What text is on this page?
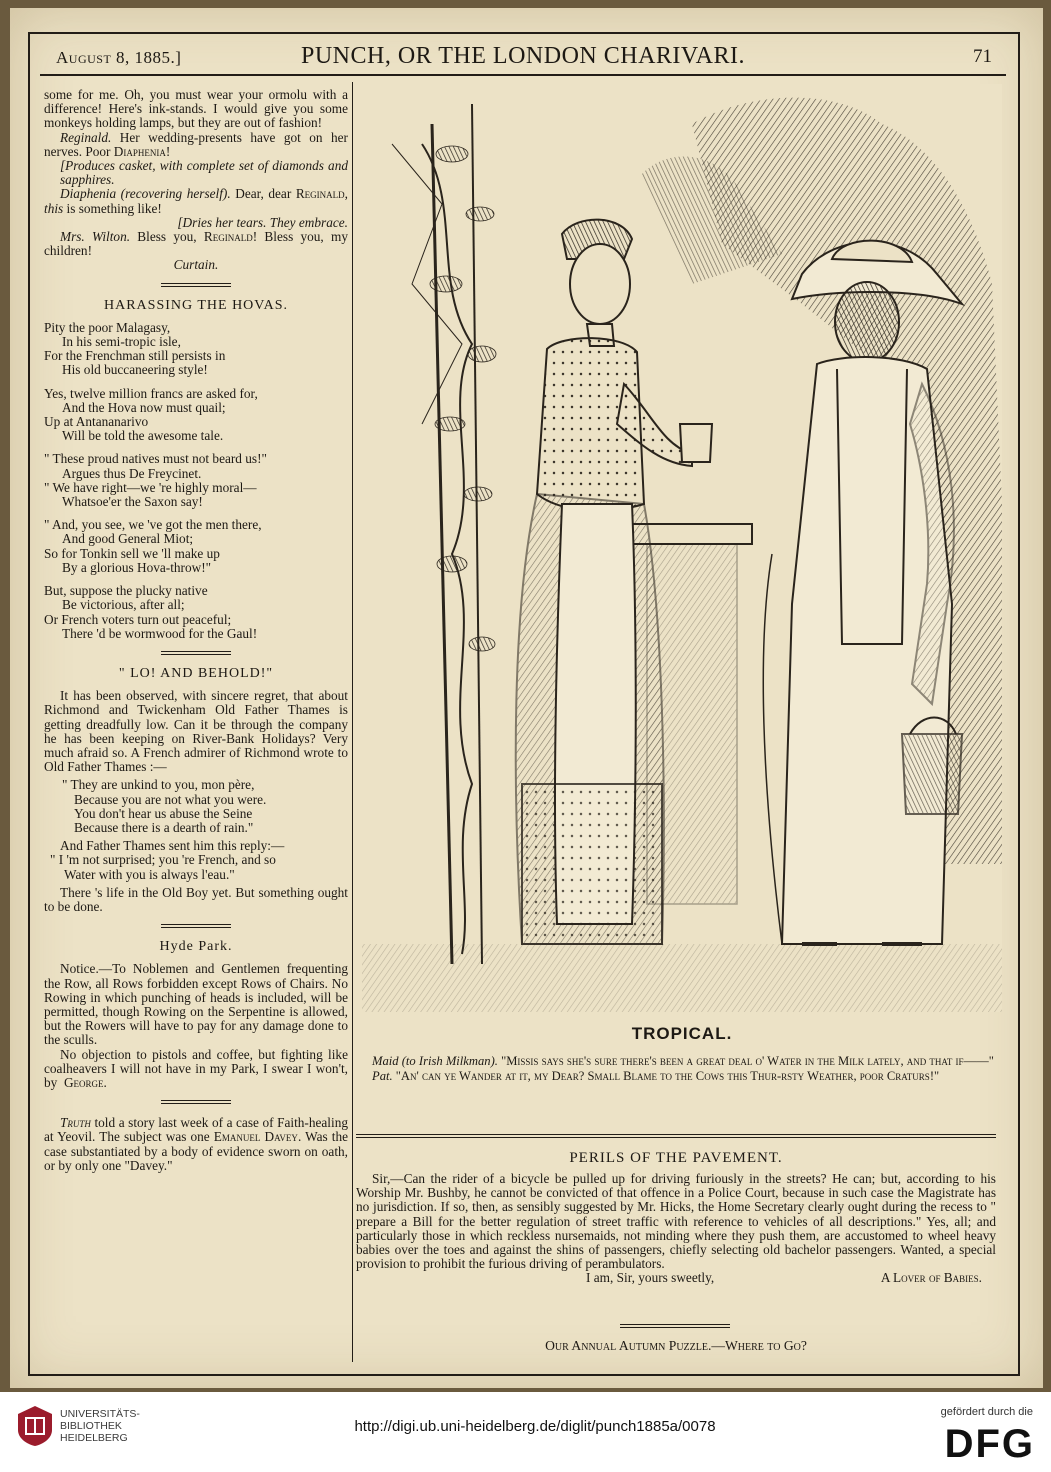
August 8, 1885.]	PUNCH, OR THE LONDON CHARIVARI.	71

some for me. Oh, you must wear your ormolu with a difference! Here's ink-stands. I would give you some monkeys holding lamps, but they are out of fashion!

Reginald. Her wedding-presents have got on her nerves. Poor Diaphenia!

[Produces casket, with complete set of diamonds and sapphires.

Diaphenia (recovering herself). Dear, dear Reginald, this is something like!

[Dries her tears. They embrace.

Mrs. Wilton. Bless you, Reginald! Bless you, my children!

Curtain.

HARASSING THE HOVAS.

Pity the poor Malagasy,

In his semi-tropic isle,

For the Frenchman still persists in

His old buccaneering style!

Yes, twelve million francs are asked for,

And the Hova now must quail;

Up at Antananarivo

Will be told the awesome tale.

" These proud natives must not beard us!"

Argues thus De Freycinet.

" We have right—we 're highly moral—

Whatsoe'er the Saxon say!

" And, you see, we 've got the men there,

And good General Miot;

So for Tonkin sell we 'll make up

By a glorious Hova-throw!"

But, suppose the plucky native

Be victorious, after all;

Or French voters turn out peaceful;

There 'd be wormwood for the Gaul!

" LO! AND BEHOLD!"

It has been observed, with sincere regret, that about Richmond and Twickenham Old Father Thames is getting dreadfully low. Can it be through the company he has been keeping on River-Bank Holidays? Very much afraid so. A French admirer of Richmond wrote to Old Father Thames :—

" They are unkind to you, mon père,

Because you are not what you were.

You don't hear us abuse the Seine

Because there is a dearth of rain."

And Father Thames sent him this reply:—

" I 'm not surprised; you 're French, and so

Water with you is always l'eau."

There 's life in the Old Boy yet. But something ought to be done.

Hyde Park.

Notice.—To Noblemen and Gentlemen frequenting the Row, all Rows forbidden except Rows of Chairs. No Rowing in which punching of heads is included, will be permitted, though Rowing on the Serpentine is allowed, but the Rowers will have to pay for any damage done to the sculls.

No objection to pistols and coffee, but fighting like coalheavers I will not have in my Park, I swear I won't, by George.

Truth told a story last week of a case of Faith-healing at Yeovil. The subject was one Emanuel Davey. Was the case substantiated by a body of evidence sworn on oath, or by only one "Davey."

TROPICAL.

Maid (to Irish Milkman). "Missis says she's sure there's been a great deal o' Water in the Milk lately, and that if——"

Pat. "An' can ye Wander at it, my Dear? Small Blame to the Cows this Thur-rsty Weather, poor Craturs!"

PERILS OF THE PAVEMENT.

Sir,—Can the rider of a bicycle be pulled up for driving furiously in the streets? He can; but, according to his Worship Mr. Bushby, he cannot be convicted of that offence in a Police Court, because in such case the Magistrate has no jurisdiction. If so, then, as sensibly suggested by Mr. Hicks, the Home Secretary clearly ought during the recess to " prepare a Bill for the better regulation of street traffic with reference to vehicles of all descriptions." Yes, all; and particularly those in which reckless nursemaids, not minding where they push them, are accustomed to wheel heavy babies over the toes and against the shins of passengers, chiefly selecting old bachelor passengers. Wanted, a special provision to prohibit the furious driving of perambulators.

I am, Sir, yours sweetly,	A Lover of Babies.
Our Annual Autumn Puzzle.—Where to Go?
UNIVERSITÄTS-
BIBLIOTHEK
HEIDELBERG
http://digi.ub.uni-heidelberg.de/diglit/punch1885a/0078
gefördert durch die
DFG
